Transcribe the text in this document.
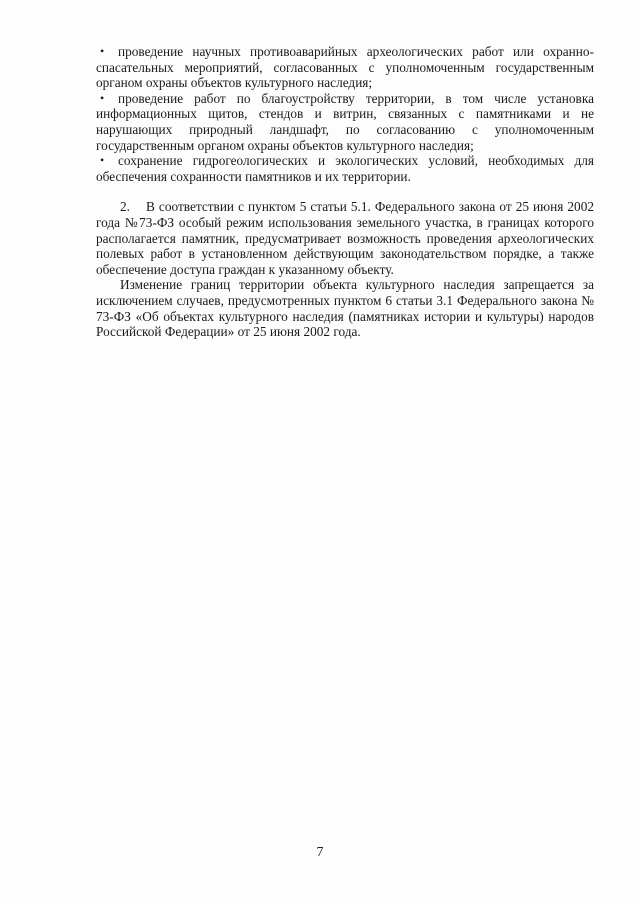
• проведение научных противоаварийных археологических работ или охранно-спасательных мероприятий, согласованных с уполномоченным государственным органом охраны объектов культурного наследия;

• проведение работ по благоустройству территории, в том числе установка информационных щитов, стендов и витрин, связанных с памятниками и не нарушающих природный ландшафт, по согласованию с уполномоченным государственным органом охраны объектов культурного наследия;

• сохранение гидрогеологических и экологических условий, необходимых для обеспечения сохранности памятников и их территории.

2. В соответствии с пунктом 5 статьи 5.1. Федерального закона от 25 июня 2002 года №73-ФЗ особый режим использования земельного участка, в границах которого располагается памятник, предусматривает возможность проведения археологических полевых работ в установленном действующим законодательством порядке, а также обеспечение доступа граждан к указанному объекту.

Изменение границ территории объекта культурного наследия запрещается за исключением случаев, предусмотренных пунктом 6 статьи 3.1 Федерального закона № 73-ФЗ «Об объектах культурного наследия (памятниках истории и культуры) народов Российской Федерации» от 25 июня 2002 года.

7
